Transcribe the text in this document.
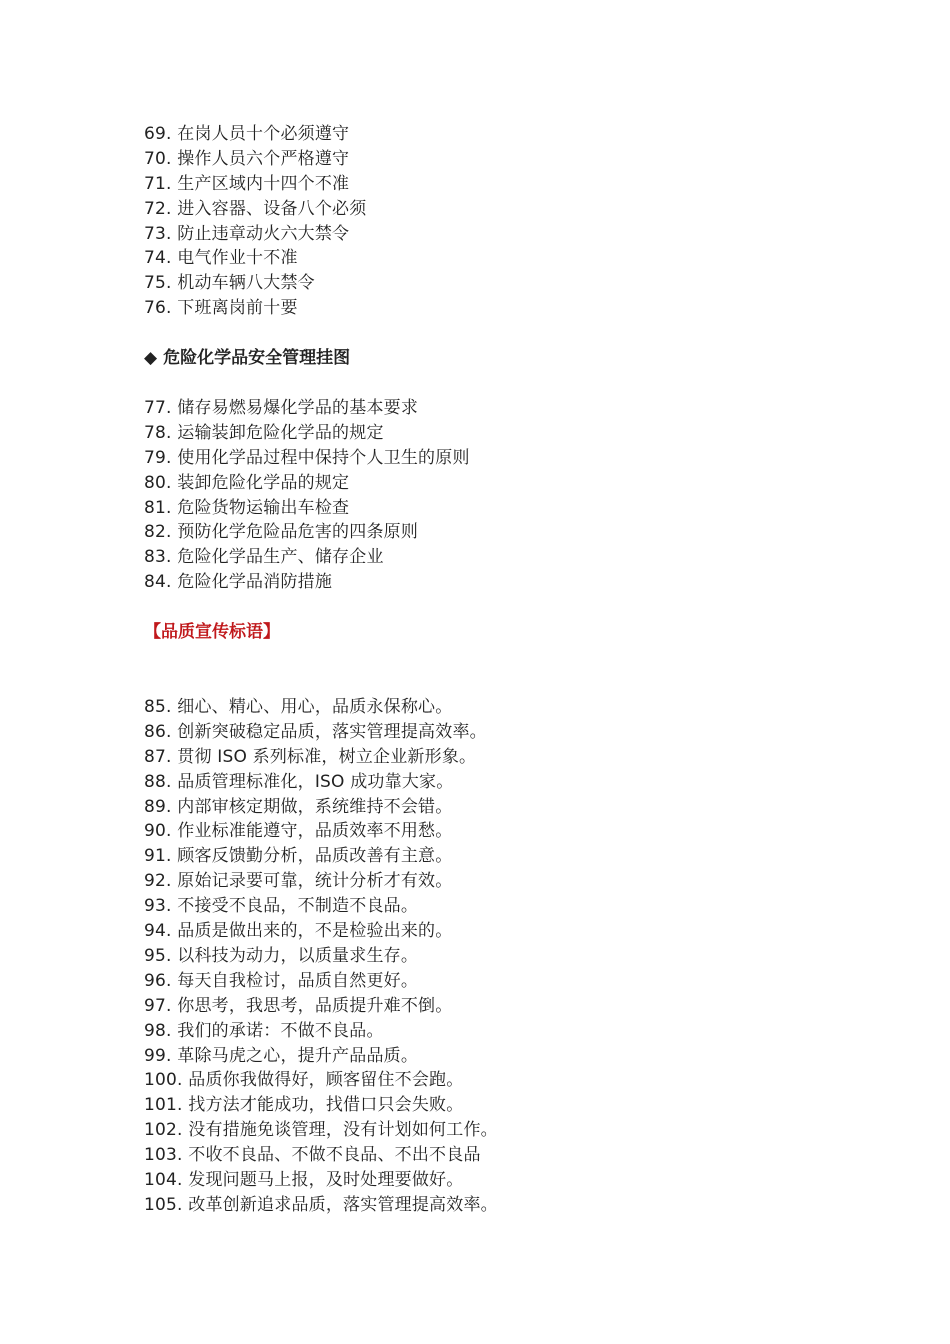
69. 在岗人员十个必须遵守
70. 操作人员六个严格遵守
71. 生产区域内十四个不准
72. 进入容器、设备八个必须
73. 防止违章动火六大禁令
74. 电气作业十不准
75. 机动车辆八大禁令
76. 下班离岗前十要
◆ 危险化学品安全管理挂图
77. 储存易燃易爆化学品的基本要求
78. 运输装卸危险化学品的规定
79. 使用化学品过程中保持个人卫生的原则
80. 装卸危险化学品的规定
81. 危险货物运输出车检查
82. 预防化学危险品危害的四条原则
83. 危险化学品生产、储存企业
84. 危险化学品消防措施
【品质宣传标语】
85. 细心、精心、用心，品质永保称心。
86. 创新突破稳定品质，落实管理提高效率。
87. 贯彻 ISO 系列标准，树立企业新形象。
88. 品质管理标准化，ISO 成功靠大家。
89. 内部审核定期做，系统维持不会错。
90. 作业标准能遵守，品质效率不用愁。
91. 顾客反馈勤分析，品质改善有主意。
92. 原始记录要可靠，统计分析才有效。
93. 不接受不良品，不制造不良品。
94. 品质是做出来的，不是检验出来的。
95. 以科技为动力，以质量求生存。
96. 每天自我检讨，品质自然更好。
97. 你思考，我思考，品质提升难不倒。
98. 我们的承诺：不做不良品。
99. 革除马虎之心，提升产品品质。
100. 品质你我做得好，顾客留住不会跑。
101. 找方法才能成功，找借口只会失败。
102. 没有措施免谈管理，没有计划如何工作。
103. 不收不良品、不做不良品、不出不良品
104. 发现问题马上报，及时处理要做好。
105. 改革创新追求品质，落实管理提高效率。
